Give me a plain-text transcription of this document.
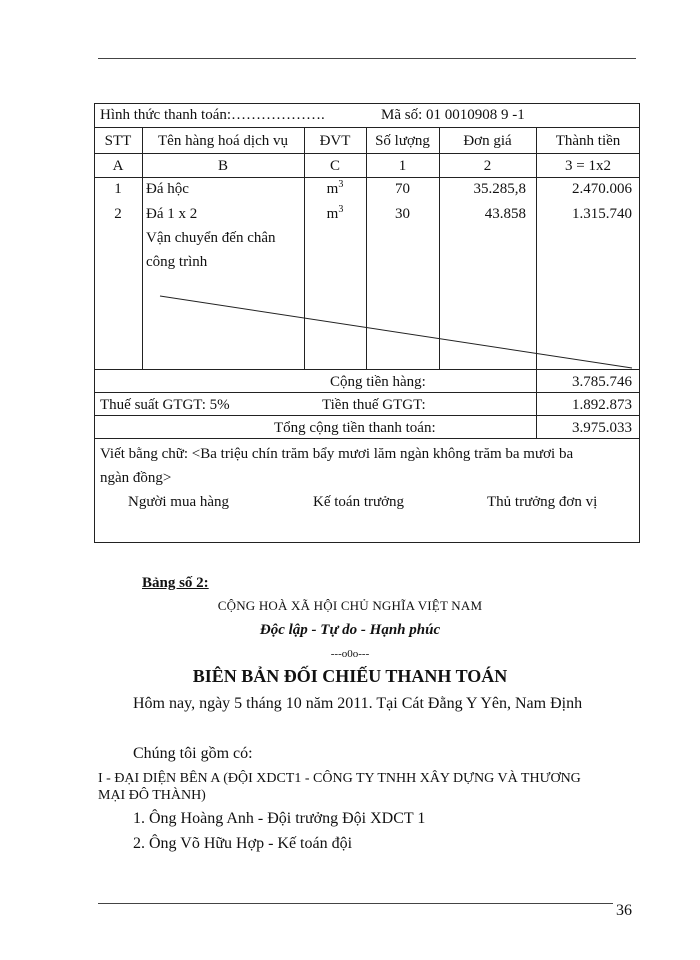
Hình thức thanh toán:……………….	Mã số: 01 0010908 9 -1
STT	Tên hàng hoá dịch vụ	ĐVT	Số lượng	Đơn giá	Thành tiền
A	B	C	1	2	3 = 1x2
1	Đá hộc	$m^3$	70	35.285,8	2.470.006
2	Đá 1 x 2	$m^3$	30	43.858	1.315.740
Vận chuyển đến chân
công trình
Cộng tiền hàng:	3.785.746
Thuế suất GTGT: 5%	Tiền thuế GTGT:	1.892.873
Tổng cộng tiền thanh toán:	3.975.033
Viết bằng chữ: <Ba triệu chín trăm bẩy mươi lăm ngàn không trăm ba mươi ba
ngàn đồng>
Người mua hàng	Kế toán trưởng	Thủ trưởng đơn vị
Bảng số 2:
CỘNG HOÀ XÃ HỘI CHỦ NGHĨA VIỆT NAM
Độc lập - Tự do - Hạnh phúc
---o0o---
BIÊN BẢN ĐỐI CHIẾU THANH TOÁN
Hôm nay, ngày 5 tháng 10 năm 2011. Tại Cát Đằng Y Yên, Nam Định
Chúng tôi gồm có:
I - ĐẠI DIỆN BÊN A (ĐỘI XDCT1 - CÔNG TY TNHH XÂY DỰNG VÀ THƯƠNG
MẠI ĐÔ THÀNH)
1. Ông Hoàng Anh - Đội trưởng Đội XDCT 1
2. Ông Võ Hữu Hợp - Kế toán đội
36
